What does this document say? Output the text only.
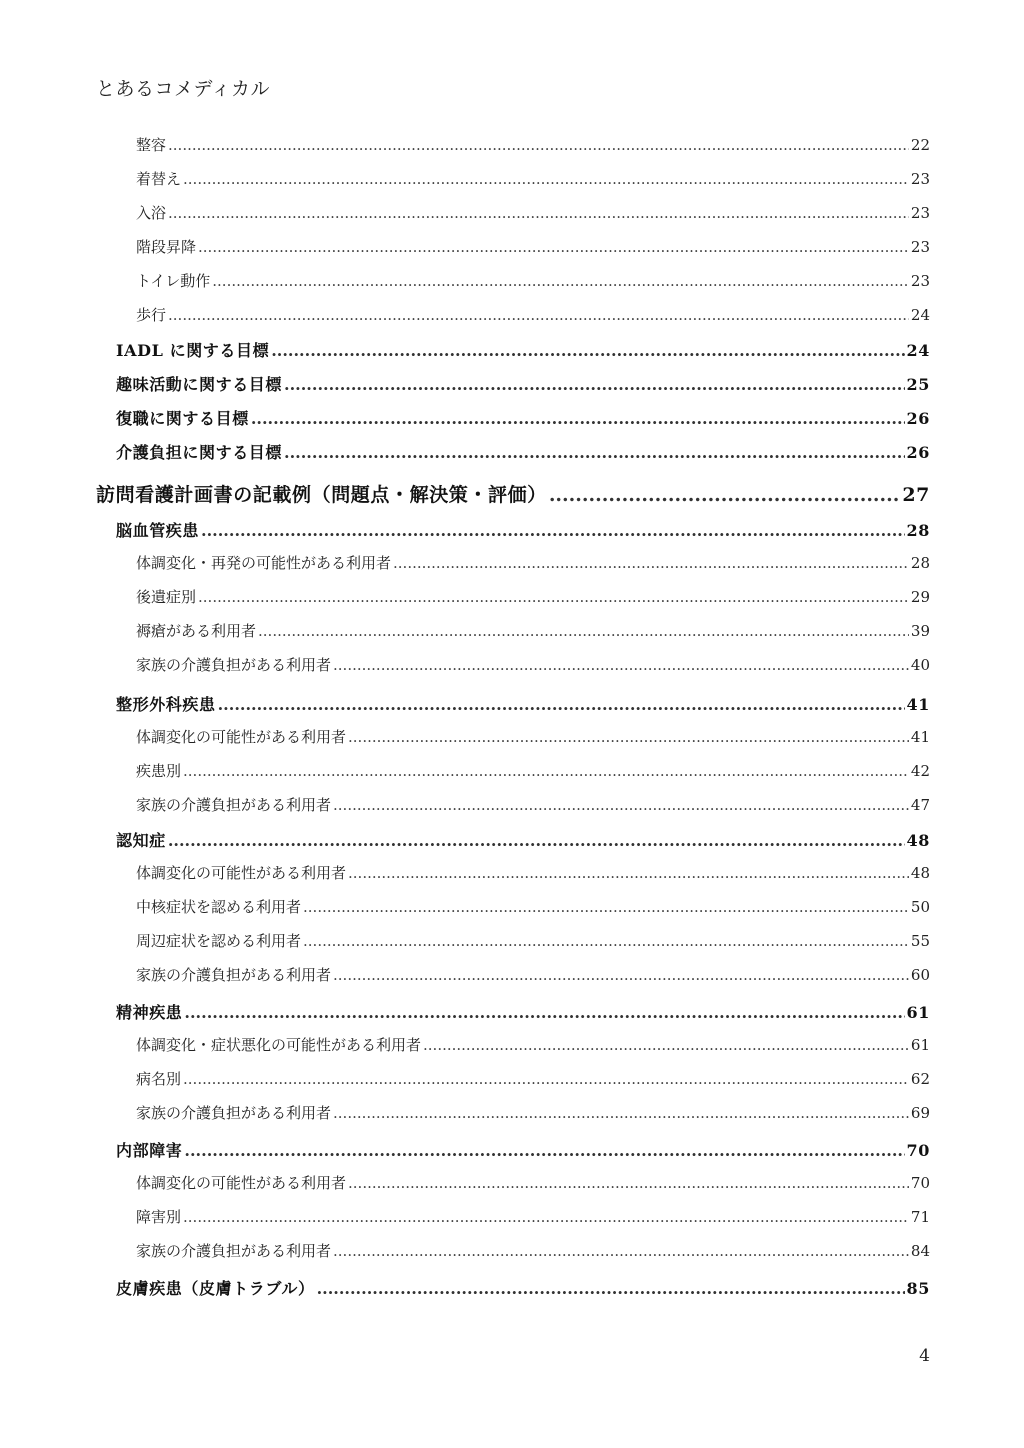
とあるコメディカル
整容 .....	22
着替え .....	23
入浴 .....	23
階段昇降 .....	23
トイレ動作 .....	23
歩行 .....	24
IADL に関する目標 .....	24
趣味活動に関する目標 .....	25
復職に関する目標 .....	26
介護負担に関する目標 .....	26
訪問看護計画書の記載例（問題点・解決策・評価） .....	27
脳血管疾患 .....	28
体調変化・再発の可能性がある利用者 .....	28
後遺症別 .....	29
褥瘡がある利用者 .....	39
家族の介護負担がある利用者 .....	40
整形外科疾患 .....	41
体調変化の可能性がある利用者 .....	41
疾患別 .....	42
家族の介護負担がある利用者 .....	47
認知症 .....	48
体調変化の可能性がある利用者 .....	48
中核症状を認める利用者 .....	50
周辺症状を認める利用者 .....	55
家族の介護負担がある利用者 .....	60
精神疾患 .....	61
体調変化・症状悪化の可能性がある利用者 .....	61
病名別 .....	62
家族の介護負担がある利用者 .....	69
内部障害 .....	70
体調変化の可能性がある利用者 .....	70
障害別 .....	71
家族の介護負担がある利用者 .....	84
皮膚疾患（皮膚トラブル） .....	85
4
